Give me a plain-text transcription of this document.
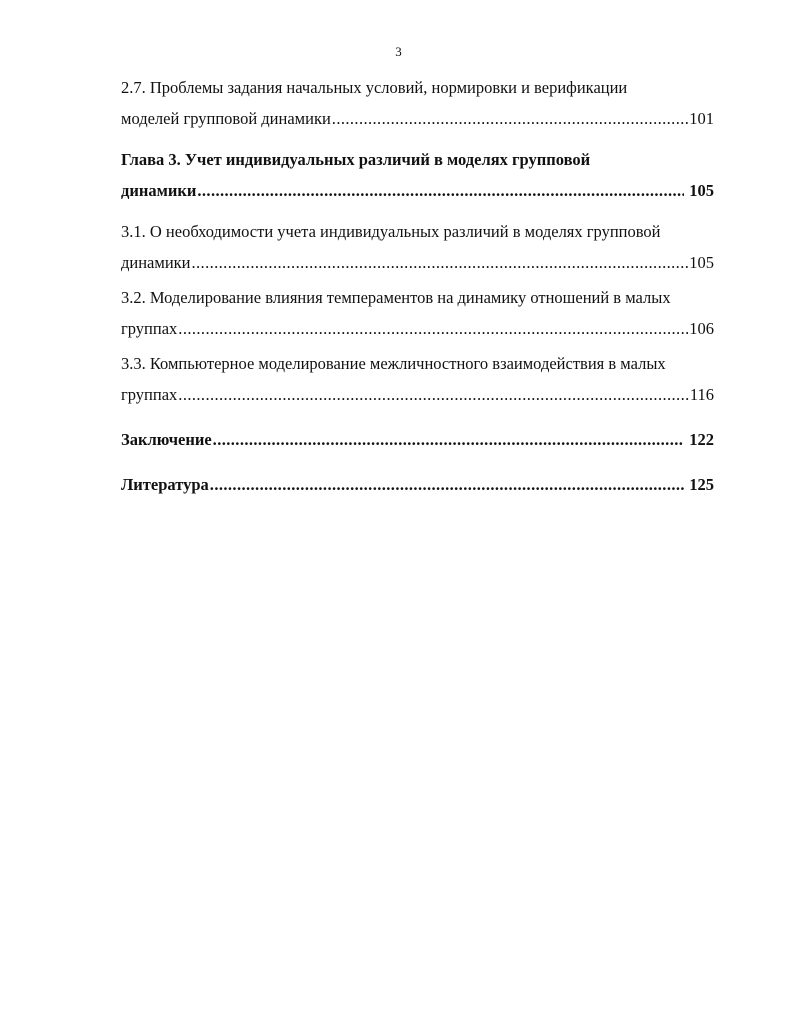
3
2.7. Проблемы задания начальных условий, нормировки и верификации
моделей групповой динамики .....	101
Глава 3. Учет индивидуальных различий в моделях групповой
динамики .....	105
3.1. О необходимости учета индивидуальных различий в моделях групповой
динамики .....	105
3.2. Моделирование влияния темпераментов на динамику отношений в малых
группах .....	106
3.3. Компьютерное моделирование межличностного взаимодействия в малых
группах .....	116
Заключение .....	122
Литература .....	125
